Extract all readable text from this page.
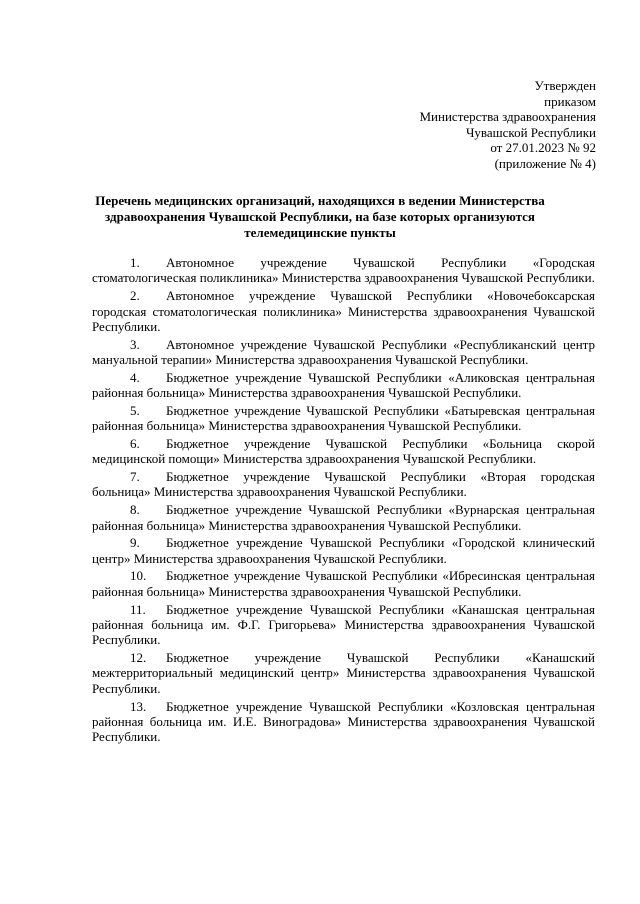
Утвержден
приказом
Министерства здравоохранения
Чувашской Республики
от 27.01.2023 № 92
(приложение № 4)
Перечень медицинских организаций, находящихся в ведении Министерства здравоохранения Чувашской Республики, на базе которых организуются телемедицинские пункты
1. Автономное учреждение Чувашской Республики «Городская стоматологическая поликлиника» Министерства здравоохранения Чувашской Республики.
2. Автономное учреждение Чувашской Республики «Новочебоксарская городская стоматологическая поликлиника» Министерства здравоохранения Чувашской Республики.
3. Автономное учреждение Чувашской Республики «Республиканский центр мануальной терапии» Министерства здравоохранения Чувашской Республики.
4. Бюджетное учреждение Чувашской Республики «Аликовская центральная районная больница» Министерства здравоохранения Чувашской Республики.
5. Бюджетное учреждение Чувашской Республики «Батыревская центральная районная больница» Министерства здравоохранения Чувашской Республики.
6. Бюджетное учреждение Чувашской Республики «Больница скорой медицинской помощи» Министерства здравоохранения Чувашской Республики.
7. Бюджетное учреждение Чувашской Республики «Вторая городская больница» Министерства здравоохранения Чувашской Республики.
8. Бюджетное учреждение Чувашской Республики «Вурнарская центральная районная больница» Министерства здравоохранения Чувашской Республики.
9. Бюджетное учреждение Чувашской Республики «Городской клинический центр» Министерства здравоохранения Чувашской Республики.
10. Бюджетное учреждение Чувашской Республики «Ибресинская центральная районная больница» Министерства здравоохранения Чувашской Республики.
11. Бюджетное учреждение Чувашской Республики «Канашская центральная районная больница им. Ф.Г. Григорьева» Министерства здравоохранения Чувашской Республики.
12. Бюджетное учреждение Чувашской Республики «Канашский межтерриториальный медицинский центр» Министерства здравоохранения Чувашской Республики.
13. Бюджетное учреждение Чувашской Республики «Козловская центральная районная больница им. И.Е. Виноградова» Министерства здравоохранения Чувашской Республики.
